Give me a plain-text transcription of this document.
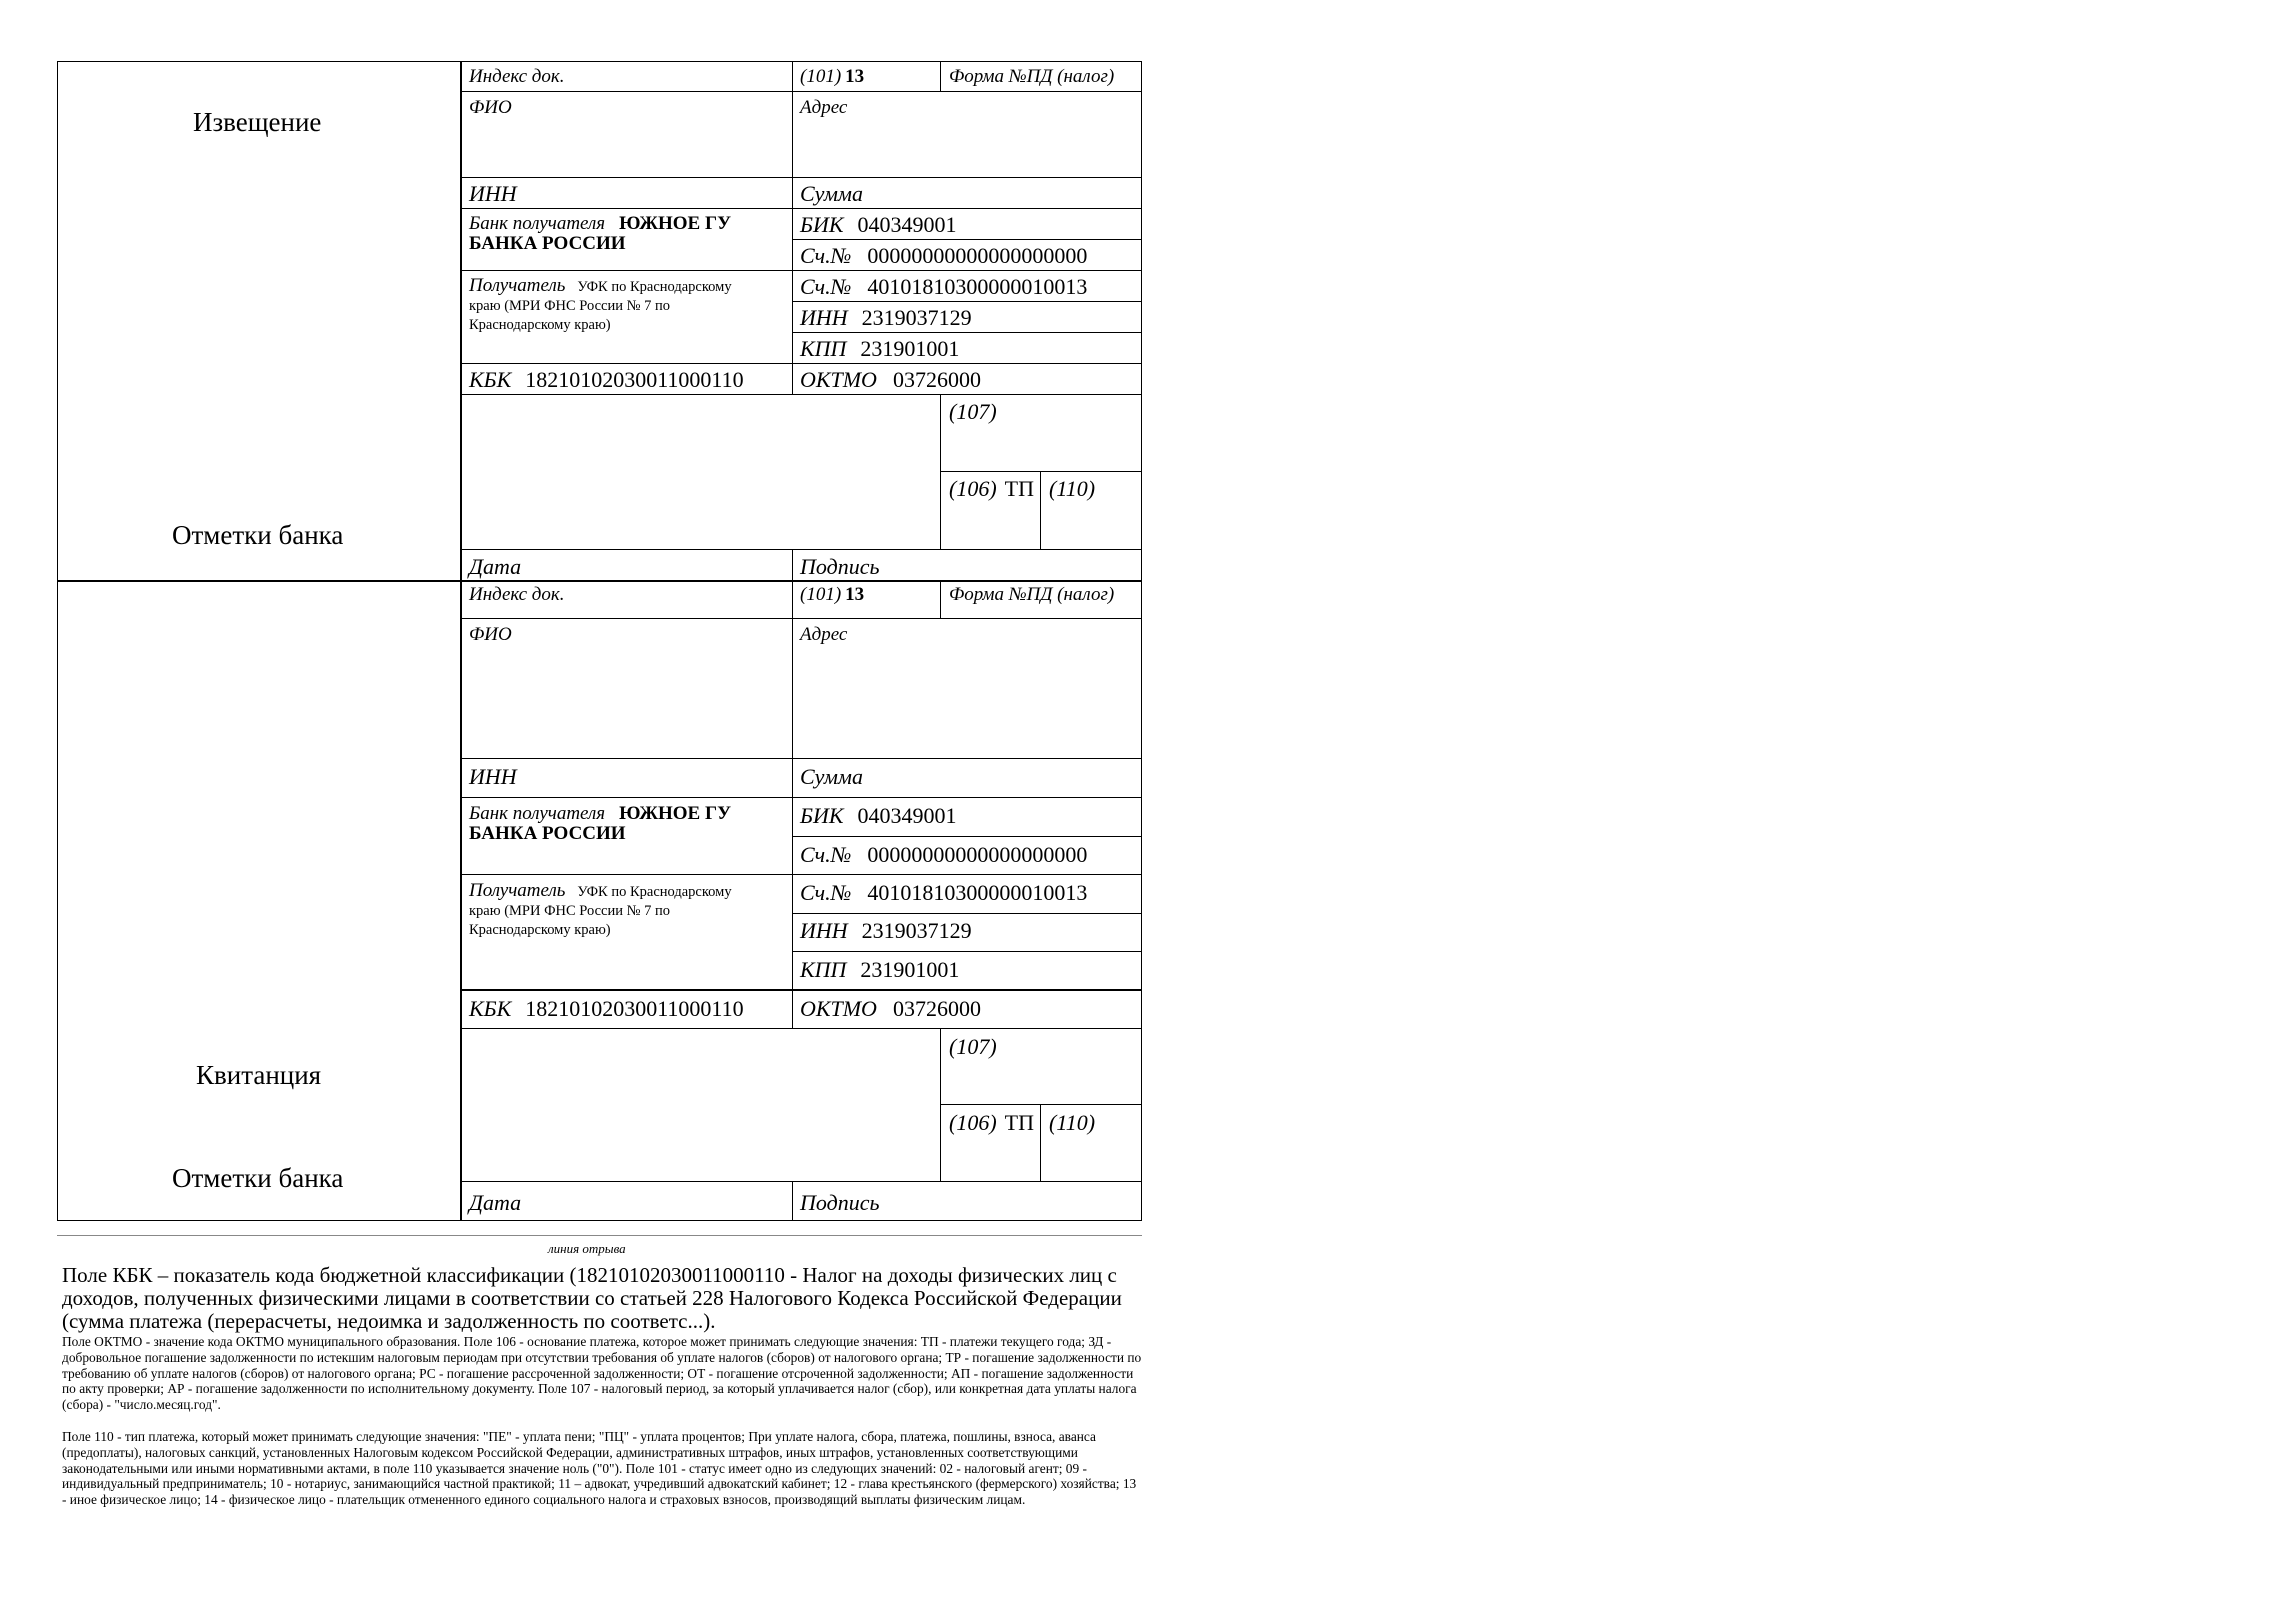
Извещение
Отметки банка
Индекс док.	(101) 13	Форма №ПД (налог)
ФИО	Адрес
ИНН	Сумма
Банк получателя ЮЖНОЕ ГУ
БАНКА РОССИИ
БИК 040349001
Сч.№ 00000000000000000000
Получатель УФК по Краснодарскому
краю (МРИ ФНС России № 7 по
Краснодарскому краю)
Сч.№ 40101810300000010013
ИНН 2319037129
КПП 231901001
КБК 18210102030011000110	ОКТМО 03726000
(107)
(106) ТП (110)
Дата	Подпись
Квитанция
Отметки банка
Индекс док.	(101) 13	Форма №ПД (налог)
ФИО	Адрес
ИНН	Сумма
Банк получателя ЮЖНОЕ ГУ
БАНКА РОССИИ
БИК 040349001
Сч.№ 00000000000000000000
Получатель УФК по Краснодарскому
краю (МРИ ФНС России № 7 по
Краснодарскому краю)
Сч.№ 40101810300000010013
ИНН 2319037129
КПП 231901001
КБК 18210102030011000110	ОКТМО 03726000
(107)
(106) ТП (110)
Дата	Подпись
линия отрыва
Поле КБК – показатель кода бюджетной классификации (18210102030011000110 - Налог на доходы физических лиц с доходов, полученных физическими лицами в соответствии со статьей 228 Налогового Кодекса Российской Федерации (сумма платежа (перерасчеты, недоимка и задолженность по соответс...).
Поле ОКТМО - значение кода ОКТМО муниципального образования. Поле 106 - основание платежа, которое может принимать следующие значения: ТП - платежи текущего года; ЗД - добровольное погашение задолженности по истекшим налоговым периодам при отсутствии требования об уплате налогов (сборов) от налогового органа; ТР - погашение задолженности по требованию об уплате налогов (сборов) от налогового органа; РС - погашение рассроченной задолженности; ОТ - погашение отсроченной задолженности; АП - погашение задолженности по акту проверки; АР - погашение задолженности по исполнительному документу. Поле 107 - налоговый период, за который уплачивается налог (сбор), или конкретная дата уплаты налога (сбора) - "число.месяц.год".
Поле 110 - тип платежа, который может принимать следующие значения: "ПЕ" - уплата пени; "ПЦ" - уплата процентов; При уплате налога, сбора, платежа, пошлины, взноса, аванса (предоплаты), налоговых санкций, установленных Налоговым кодексом Российской Федерации, административных штрафов, иных штрафов, установленных соответствующими законодательными или иными нормативными актами, в поле 110 указывается значение ноль ("0"). Поле 101 - статус имеет одно из следующих значений: 02 - налоговый агент; 09 - индивидуальный предприниматель; 10 - нотариус, занимающийся частной практикой; 11 – адвокат, учредивший адвокатский кабинет; 12 - глава крестьянского (фермерского) хозяйства; 13 - иное физическое лицо; 14 - физическое лицо - плательщик отмененного единого социального налога и страховых взносов, производящий выплаты физическим лицам.
